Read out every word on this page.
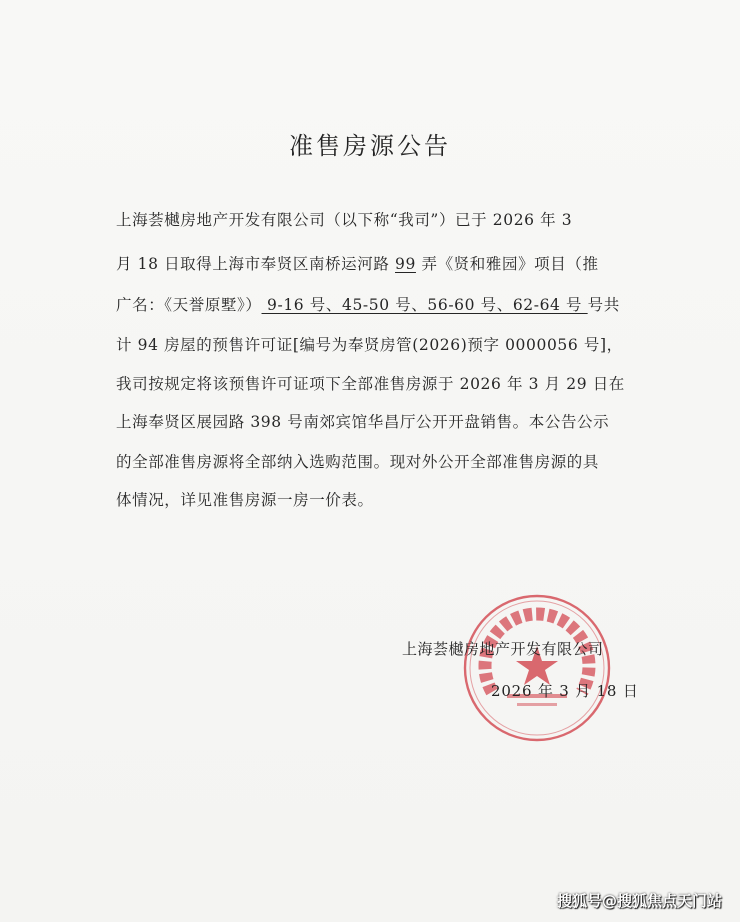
准售房源公告
上海荟樾房地产开发有限公司（以下称“我司”）已于 2026 年 3
月 18 日取得上海市奉贤区南桥运河路 99 弄《贤和雅园》项目（推
广名：《天誉原墅》） 9-16 号、45-50 号、56-60 号、62-64 号 号共
计 94 房屋的预售许可证[编号为奉贤房管(2026)预字 0000056 号]，
我司按规定将该预售许可证项下全部准售房源于 2026 年 3 月 29 日在
上海奉贤区展园路 398 号南郊宾馆华昌厅公开开盘销售。本公告公示
的全部准售房源将全部纳入选购范围。现对外公开全部准售房源的具
体情况，详见准售房源一房一价表。
上海荟樾房地产开发有限公司
2026 年 3 月 18 日
搜狐号@搜狐焦点天门站
